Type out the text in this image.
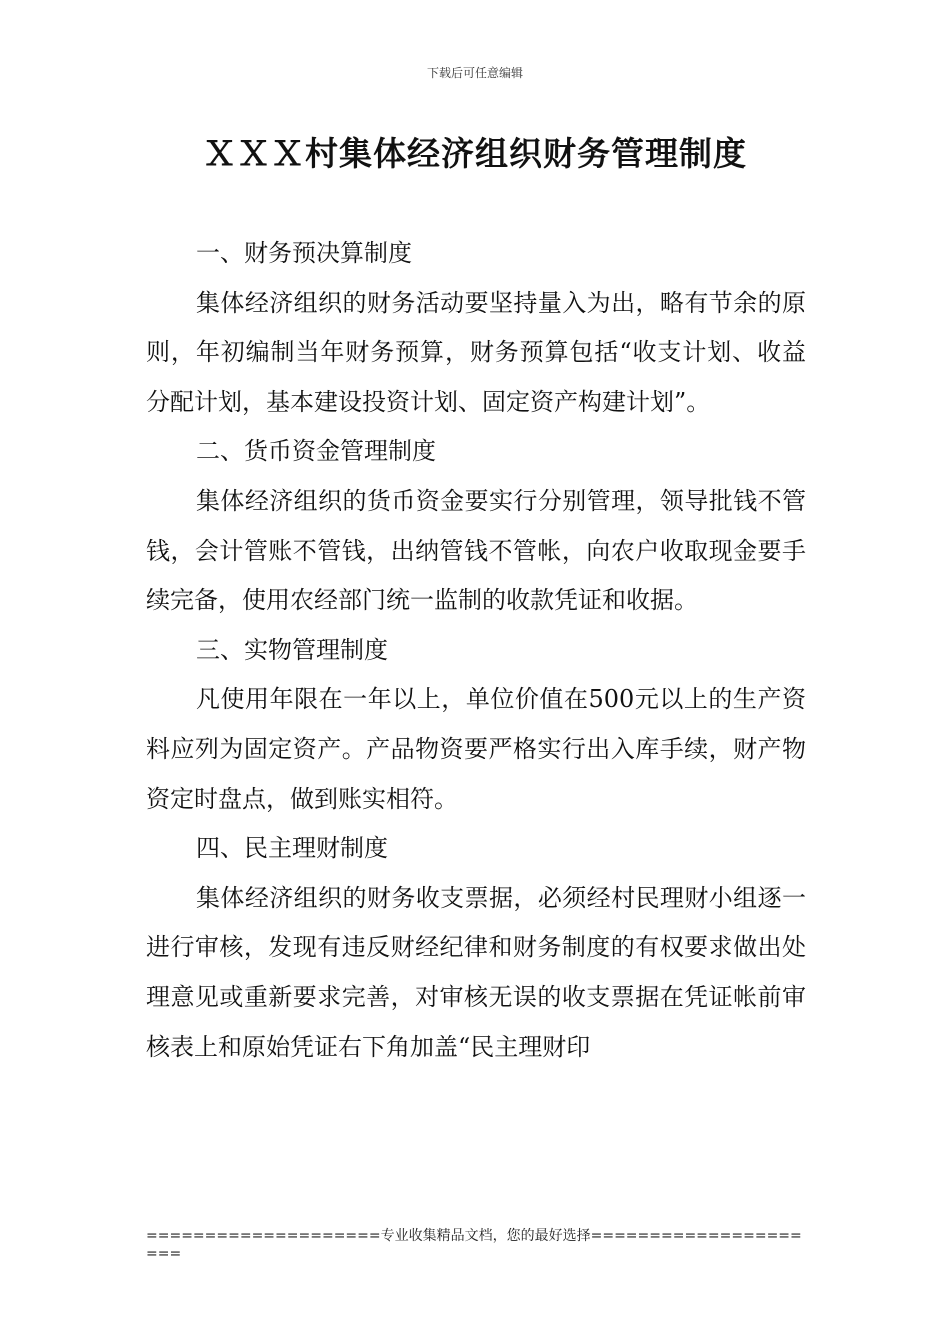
下载后可任意编辑
ＸＸＸ村集体经济组织财务管理制度

一、财务预决算制度

集体经济组织的财务活动要坚持量入为出，略有节余的原则，年初编制当年财务预算，财务预算包括“收支计划、收益分配计划，基本建设投资计划、固定资产构建计划”。

二、货币资金管理制度

集体经济组织的货币资金要实行分别管理，领导批钱不管钱，会计管账不管钱，出纳管钱不管帐，向农户收取现金要手续完备，使用农经部门统一监制的收款凭证和收据。

三、实物管理制度

凡使用年限在一年以上，单位价值在500元以上的生产资料应列为固定资产。产品物资要严格实行出入库手续，财产物资定时盘点，做到账实相符。

四、民主理财制度

集体经济组织的财务收支票据，必须经村民理财小组逐一进行审核，发现有违反财经纪律和财务制度的有权要求做出处理意见或重新要求完善，对审核无误的收支票据在凭证帐前审核表上和原始凭证右下角加盖“民主理财印

====================专业收集精品文档，您的最好选择=====================
